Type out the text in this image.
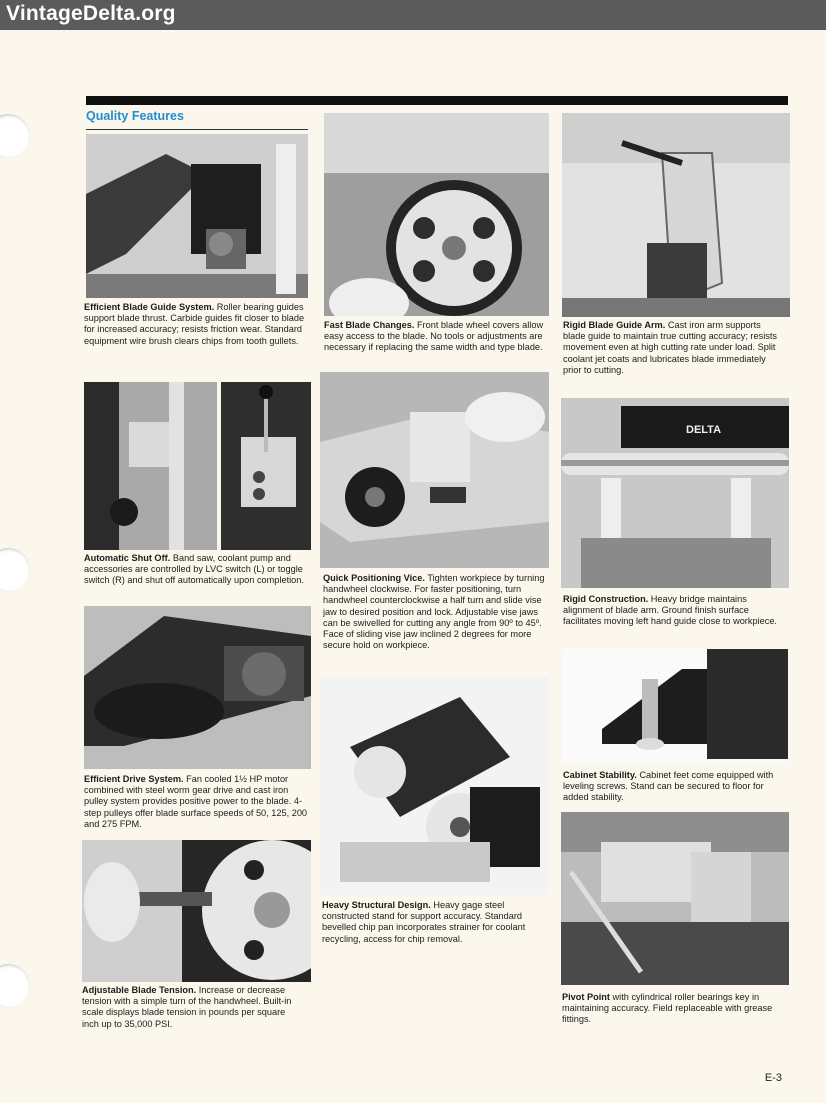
VintageDelta.org
Quality Features
Efficient Blade Guide System. Roller bearing guides support blade thrust. Carbide guides fit closer to blade for increased accuracy; resists friction wear. Standard equipment wire brush clears chips from tooth gullets.
Automatic Shut Off. Band saw, coolant pump and accessories are controlled by LVC switch (L) or toggle switch (R) and shut off automatically upon completion.
Efficient Drive System. Fan cooled 1½ HP motor combined with steel worm gear drive and cast iron pulley system provides positive power to the blade. 4-step pulleys offer blade surface speeds of 50, 125, 200 and 275 FPM.
Adjustable Blade Tension. Increase or decrease tension with a simple turn of the handwheel. Built-in scale displays blade tension in pounds per square inch up to 35,000 PSI.
Fast Blade Changes. Front blade wheel covers allow easy access to the blade. No tools or adjustments are necessary if replacing the same width and type blade.
Quick Positioning Vice. Tighten workpiece by turning handwheel clockwise. For faster positioning, turn handwheel counterclockwise a half turn and slide vise jaw to desired position and lock. Adjustable vise jaws can be swivelled for cutting any angle from 90º to 45º. Face of sliding vise jaw inclined 2 degrees for more secure hold on workpiece.
Heavy Structural Design. Heavy gage steel constructed stand for support accuracy. Standard bevelled chip pan incorporates strainer for coolant recycling, access for chip removal.
Rigid Blade Guide Arm. Cast iron arm supports blade guide to maintain true cutting accuracy; resists movement even at high cutting rate under load. Split coolant jet coats and lubricates blade immediately prior to cutting.
DELTA
Rigid Construction. Heavy bridge maintains alignment of blade arm. Ground finish surface facilitates moving left hand guide close to workpiece.
Cabinet Stability. Cabinet feet come equipped with leveling screws. Stand can be secured to floor for added stability.
Pivot Point with cylindrical roller bearings key in maintaining accuracy. Field replaceable with grease fittings.
E-3
